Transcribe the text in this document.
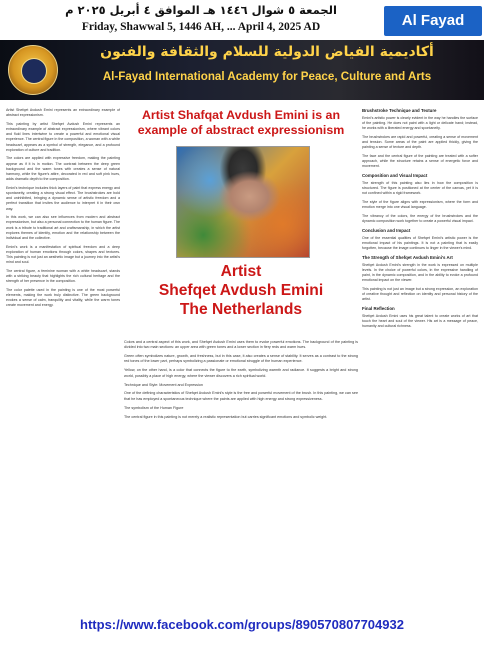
الجمعة ٥ شوال ١٤٤٦ هـ الموافق ٤ أبريل ٢٠٢٥ م
Friday, Shawwal 5, 1446 AH, ... April 4, 2025 AD	Al Fayad
أكاديمية الفياض الدولية للسلام والثقافة والفنون
Al-Fayad International Academy for Peace, Culture and Arts

Artist Shefqet Avdush Emini represents an extraordinary example of abstract expressionism.

This painting by artist Shefqet Avdush Emini represents an extraordinary example of abstract expressionism, where vibrant colors and fluid lines intertwine to create a powerful and emotional visual experience. The central figure in the composition, a woman with a white headscarf, appears as a symbol of strength, elegance, and a profound exploration of culture and tradition.

The colors are applied with expressive freedom, making the painting appear as if it is in motion. The contrast between the deep green background and the warm tones with creates a sense of natural harmony, while the figure's attire, decorated in red and soft pink hues, adds dramatic depth to the composition.

Emini's technique includes thick layers of paint that express energy and spontaneity, creating a strong visual effect. The brushstrokes are bold and uninhibited, bringing a dynamic sense of artistic freedom and a perfect transition that invites the audience to interpret it in their own way.

In this work, we can also see influences from modern and abstract expressionism, but also a personal connection to the human figure. The work is a tribute to traditional art and craftsmanship, in which the artist explores themes of identity, emotion and the relationship between the individual and the collective.

Emini's work is a manifestation of spiritual freedom and a deep exploration of human emotions through colors, shapes and textures. This painting is not just an aesthetic image but a journey into the artist's mind and soul.

The central figure, a feminine woman with a white headscarf, stands with a striking beauty that highlights the rich cultural heritage and the strength of her presence in the composition.

The color palette used in the painting is one of the most powerful elements, making the work truly distinctive. The green background evokes a sense of calm, tranquility and vitality, while the warm tones create movement and energy.

Artist Shafqat Avdush Emini is an

example of abstract expressionism

Artist

Shefqet Avdush Emini

The Netherlands

Colors and a central aspect of this work, and Shefqet Avdush Emini uses them to evoke powerful emotions. The background of the painting is divided into two main sections: an upper area with green tones and a lower section in fiery reds and warm hues.

Green often symbolizes nature, growth, and freshness, but in this case, it also creates a sense of stability. It serves as a contrast to the strong red tones of the lower part, perhaps symbolizing a passionate or emotional struggle of the human experience.

Yellow, on the other hand, is a color that connects the figure to the earth, symbolizing warmth and radiance. It suggests a bright and strong world, possibly a place of high energy, where the viewer discovers a rich spiritual world.

Technique and Style: Movement and Expression

One of the defining characteristics of Shefqet Avdush Emini's style is the free and powerful movement of the brush. In this painting, we can see that he has employed a spontaneous technique where the paints are applied with high energy and strong expressiveness.

The symbolism of the Human Figure

The central figure in this painting is not merely a realistic representation but carries significant emotions and symbolic weight.

Brushstroke Technique and Texture

Emini's artistic power is clearly evident in the way he handles the surface of the painting. He does not paint with a light or delicate hand; instead, he works with a liberated energy and spontaneity.

The brushstrokes are rapid and powerful, creating a sense of movement and tension. Some areas of the paint are applied thickly, giving the painting a sense of texture and depth.

The face and the central figure of the painting are treated with a softer approach, while the structure retains a sense of energetic force and movement.

Composition and Visual Impact

The strength of this painting also lies in how the composition is structured. The figure is positioned at the center of the canvas, yet it is not confined within a rigid framework.

The style of the figure aligns with expressionism, where the form and emotion merge into one visual language.

The vibrancy of the colors, the energy of the brushstrokes and the dynamic composition work together to create a powerful visual impact.

Conclusion and Impact

One of the essential qualities of Shefqet Emini's artistic power is the emotional impact of his paintings. It is not a painting that is easily forgotten, because the image continues to linger in the viewer's mind.

The Strength of Shefqet Avdush Emini's Art

Shefqet Avdush Emini's strength in the work is expressed on multiple levels. In the choice of powerful colors, in the expressive handling of paint, in the dynamic composition, and in the ability to evoke a profound emotional impact on the viewer.

This painting is not just an image but a strong expression, an exploration of creative thought and reflection on identity and personal history of the artist.

Final Reflection

Shefqet Avdush Emini uses his great talent to create works of art that touch the heart and soul of the viewer. His art is a message of peace, humanity and cultural richness.

https://www.facebook.com/groups/890570807704932
